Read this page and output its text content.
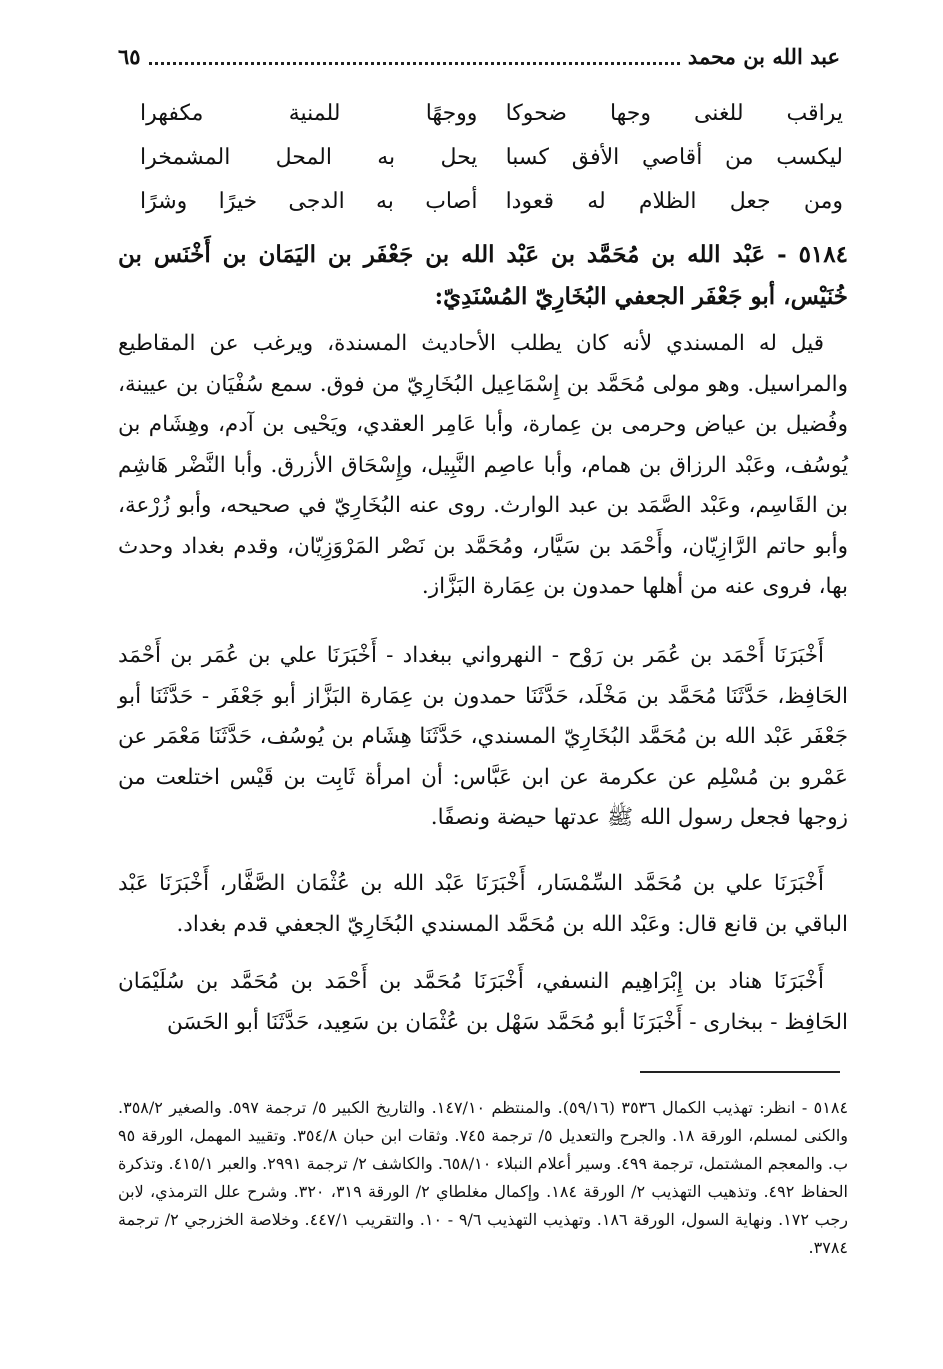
عبد الله بن محمد
٦٥
يراقب للغنى وجها ضحوكا
ووجهًا للمنية مكفهرا
ليكسب من أقاصي الأفق كسبا
يحل به المحل المشمخرا
ومن جعل الظلام له قعودا
أصاب به الدجى خيرًا وشرًا
٥١٨٤ - عَبْد الله بن مُحَمَّد بن عَبْد الله بن جَعْفَر بن اليَمَان بن أَخْنَس بن خُنَيْس، أبو جَعْفَر الجعفي البُخَارِيّ المُسْنَدِيّ:
قيل له المسندي لأنه كان يطلب الأحاديث المسندة، ويرغب عن المقاطيع والمراسيل. وهو مولى مُحَمَّد بن إِسْمَاعِيل البُخَارِيّ من فوق. سمع سُفْيَان بن عيينة، وفُضيل بن عياض وحرمى بن عِمارة، وأبا عَامِر العقدي، ويَحْيى بن آدم، وهِشَام بن يُوسُف، وعَبْد الرزاق بن همام، وأبا عاصِم النَّبِيل، وإِسْحَاق الأزرق. وأبا النَّضْر هَاشِم بن القَاسِم، وعَبْد الصَّمَد بن عبد الوارث. روى عنه البُخَارِيّ في صحيحه، وأبو زُرْعة، وأبو حاتم الرَّازِيّان، وأَحْمَد بن سَيَّار، ومُحَمَّد بن نَصْر المَرْوَزِيّان، وقدم بغداد وحدث بها، فروى عنه من أهلها حمدون بن عِمَارة البَزَّاز.
أَخْبَرَنَا أَحْمَد بن عُمَر بن رَوْح - النهرواني ببغداد - أَخْبَرَنَا علي بن عُمَر بن أَحْمَد الحَافِظ، حَدَّثَنَا مُحَمَّد بن مَخْلَد، حَدَّثَنَا حمدون بن عِمَارة البَزَّاز أبو جَعْفَر - حَدَّثَنَا أبو جَعْفَر عَبْد الله بن مُحَمَّد البُخَارِيّ المسندي، حَدَّثَنَا هِشَام بن يُوسُف، حَدَّثَنَا مَعْمَر عن عَمْرو بن مُسْلِم عن عكرمة عن ابن عَبَّاس: أن امرأة ثَابِت بن قَيْس اختلعت من زوجها فجعل رسول الله ﷺ عدتها حيضة ونصفًا.
أَخْبَرَنَا علي بن مُحَمَّد السِّمْسَار، أَخْبَرَنَا عَبْد الله بن عُثْمَان الصَّفَّار، أَخْبَرَنَا عَبْد الباقي بن قانع قال: وعَبْد الله بن مُحَمَّد المسندي البُخَارِيّ الجعفي قدم بغداد.
أَخْبَرَنَا هناد بن إِبْرَاهِيم النسفي، أَخْبَرَنَا مُحَمَّد بن أَحْمَد بن مُحَمَّد بن سُلَيْمَان الحَافِظ - ببخارى - أَخْبَرَنَا أبو مُحَمَّد سَهْل بن عُثْمَان بن سَعِيد، حَدَّثَنَا أبو الحَسَن
٥١٨٤ - انظر: تهذيب الكمال ٣٥٣٦ (٥٩/١٦). والمنتظم ١٤٧/١٠. والتاريخ الكبير ٥/ ترجمة ٥٩٧. والصغير ٣٥٨/٢. والكنى لمسلم، الورقة ١٨. والجرح والتعديل ٥/ ترجمة ٧٤٥. وثقات ابن حبان ٣٥٤/٨. وتقييد المهمل، الورقة ٩٥ ب. والمعجم المشتمل، ترجمة ٤٩٩. وسير أعلام النبلاء ٦٥٨/١٠. والكاشف ٢/ ترجمة ٢٩٩١. والعبر ٤١٥/١. وتذكرة الحفاظ ٤٩٢. وتذهيب التهذيب ٢/ الورقة ١٨٤. وإكمال مغلطاي ٢/ الورقة ٣١٩، ٣٢٠. وشرح علل الترمذي، لابن رجب ١٧٢. ونهاية السول، الورقة ١٨٦. وتهذيب التهذيب ٩/٦ - ١٠. والتقريب ٤٤٧/١. وخلاصة الخزرجي ٢/ ترجمة ٣٧٨٤.
